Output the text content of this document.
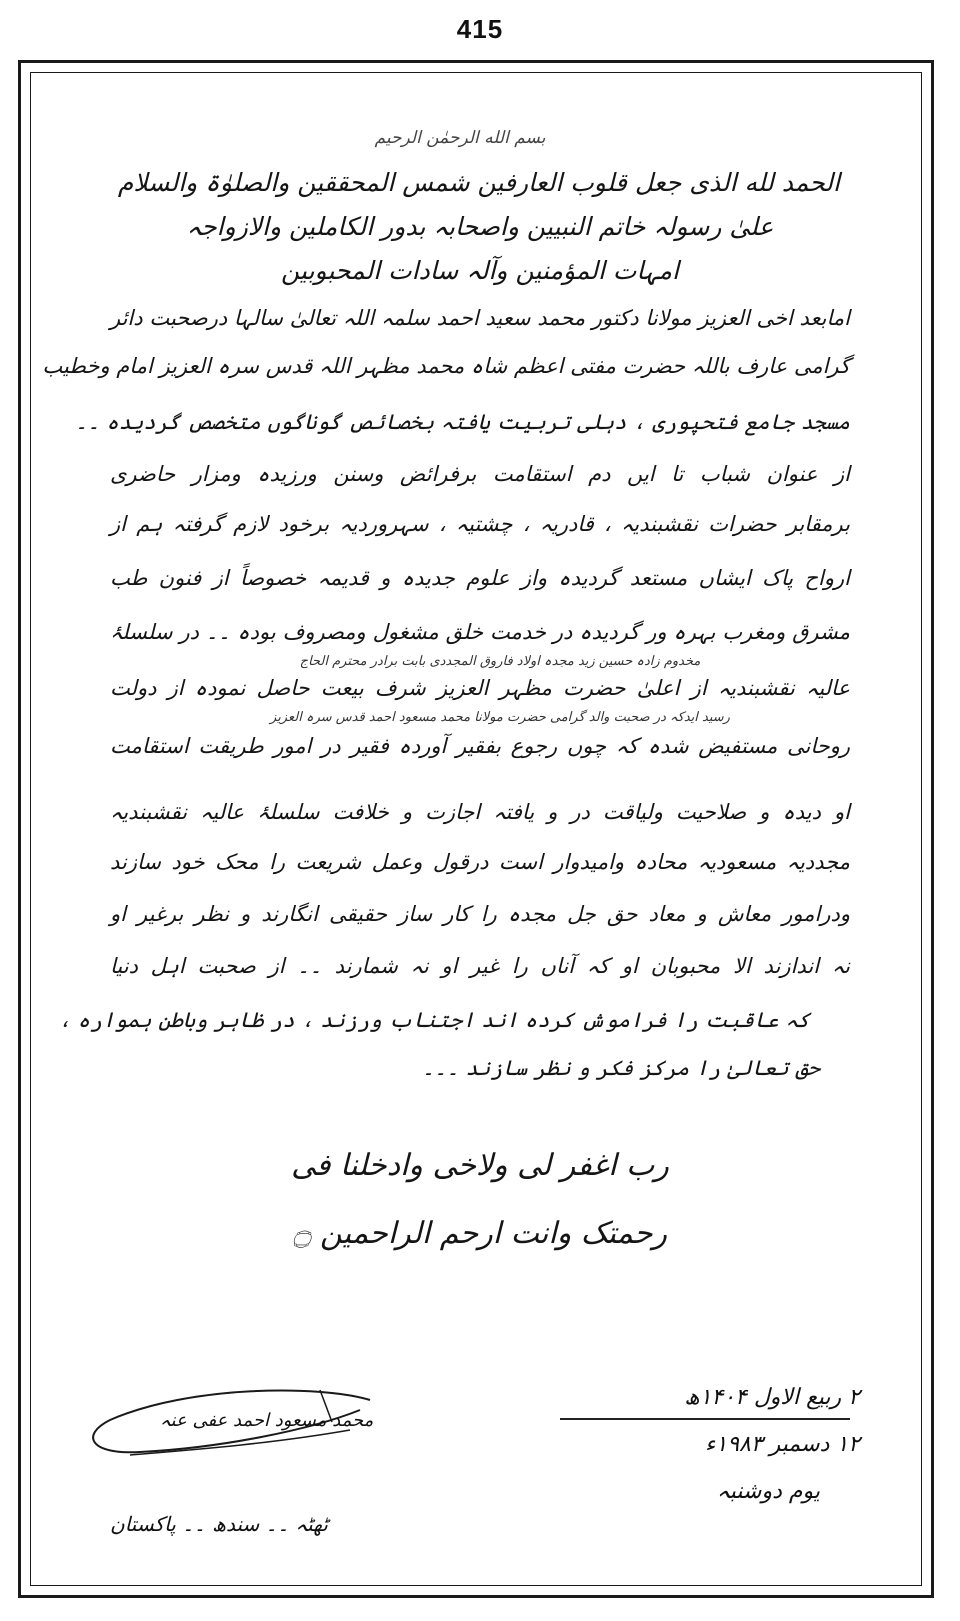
415
بسم الله الرحمٰن الرحیم
الحمد لله الذی جعل قلوب العارفین شمس المحققین والصلوٰۃ والسلام
علیٰ رسولہ خاتم النبیین واصحابہ بدور الکاملین والازواجہ
امہات المؤمنین وآلہ سادات المحبوبین
امابعد اخی العزیز مولانا دکتور محمد سعید احمد سلمہ اللہ تعالیٰ سالہا درصحبت دائر
گرامی عارف باللہ حضرت مفتی اعظم شاہ محمد مظہر اللہ قدس سرہ العزیز امام وخطیب
مسجد جامع فتحپوری ، دہلی تربیت یافتہ بخصائص گوناگوں متخصص گردیدہ ۔۔
از عنوان شباب تا ایں دم استقامت برفرائض وسنن ورزیدہ ومزار حاضری
برمقابر حضرات نقشبندیہ ، قادریہ ، چشتیہ ، سہروردیہ برخود لازم گرفتہ ہم از
ارواح پاک ایشاں مستعد گردیدہ واز علوم جدیدہ و قدیمہ خصوصاً از فنون طب
مشرق ومغرب بہرہ ور گردیدہ در خدمت خلق مشغول ومصروف بودہ ۔۔ در سلسلۂ
مخدوم زادہ حسین زید مجدہ اولاد فاروق المجددی بابت برادر محترم الحاج
عالیہ نقشبندیہ از اعلیٰ حضرت مظہر العزیز شرف بیعت حاصل نمودہ از دولت
رسید ایدکہ در صحبت والد گرامی حضرت مولانا محمد مسعود احمد قدس سرہ العزیز
روحانی مستفیض شدہ کہ چوں رجوع بفقیر آوردہ فقیر در امور طریقت استقامت
او دیدہ و صلاحیت ولیاقت در و یافتہ اجازت و خلافت سلسلۂ عالیہ نقشبندیہ
مجددیہ مسعودیہ محادہ وامیدوار است درقول وعمل شریعت را محک خود سازند
ودرامور معاش و معاد حق جل مجدہ را کار ساز حقیقی انگارند و نظر برغیر او
نہ اندازند الا محبوبان او کہ آناں را غیر او نہ شمارند ۔۔ از صحبت اہل دنیا
کہ عاقبت را فراموش کردہ اند اجتناب ورزند ، در ظاہر وباطن ہموارہ ،
حق تعالیٰ را مرکز فکر و نظر سازند ۔۔۔
رب اغفر لی ولاخی وادخلنا فی
رحمتک وانت ارحم الراحمین ۝
محمد مسعود احمد عفی عنہ
ٹھٹہ ۔۔ سندھ ۔۔ پاکستان
۲ ربیع الاول ۱۴۰۴ھ
۱۲ دسمبر ۱۹۸۳ء
یوم دوشنبہ
